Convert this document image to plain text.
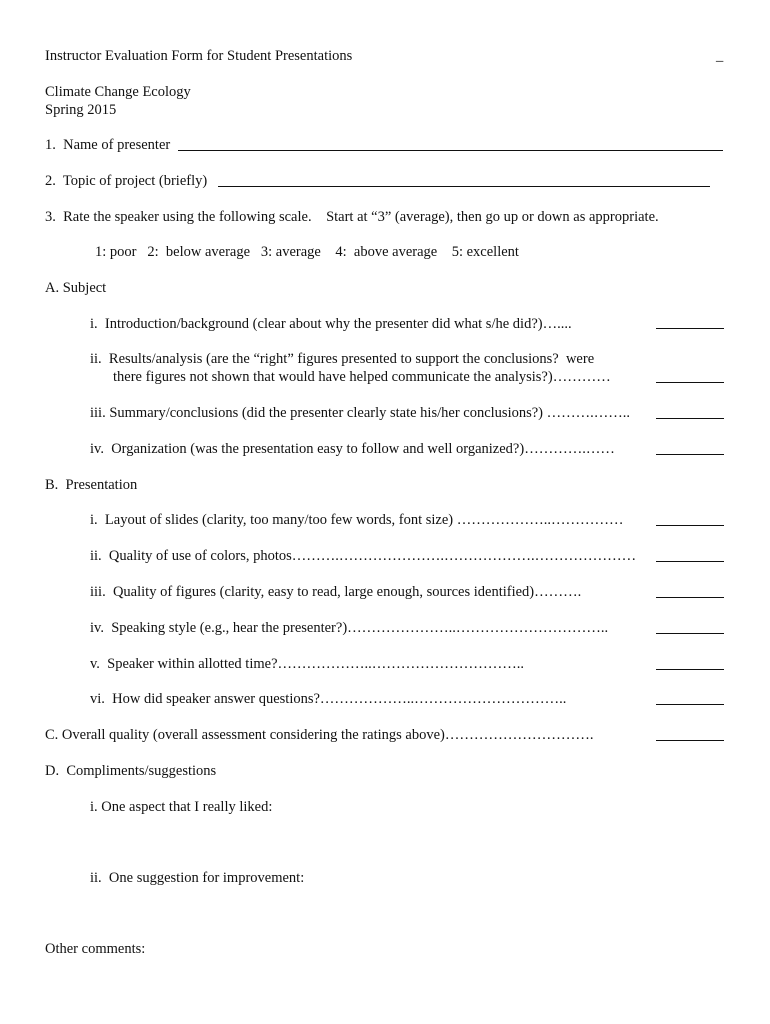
Instructor Evaluation Form for Student Presentations	_
Climate Change Ecology
Spring 2015
1.  Name of presenter
2.  Topic of project (briefly)
3.  Rate the speaker using the following scale.    Start at “3” (average), then go up or down as appropriate.
1: poor   2:  below average   3: average    4:  above average    5: excellent
A. Subject
i.  Introduction/background (clear about why the presenter did what s/he did?)…....
ii.  Results/analysis (are the “right” figures presented to support the conclusions?  were
there figures not shown that would have helped communicate the analysis?)…………
iii. Summary/conclusions (did the presenter clearly state his/her conclusions?) ……….……..
iv.  Organization (was the presentation easy to follow and well organized?)………….……
B.  Presentation
i.  Layout of slides (clarity, too many/too few words, font size) ………………..……………
ii.  Quality of use of colors, photos……….………………….……………….…………………
iii.  Quality of figures (clarity, easy to read, large enough, sources identified)……….
iv.  Speaking style (e.g., hear the presenter?)…………………..…………………………..
v.  Speaker within allotted time?………………..…………………………..
vi.  How did speaker answer questions?………………..…………………………..
C. Overall quality (overall assessment considering the ratings above)………………………….
D.  Compliments/suggestions
i. One aspect that I really liked:
ii.  One suggestion for improvement:
Other comments:
